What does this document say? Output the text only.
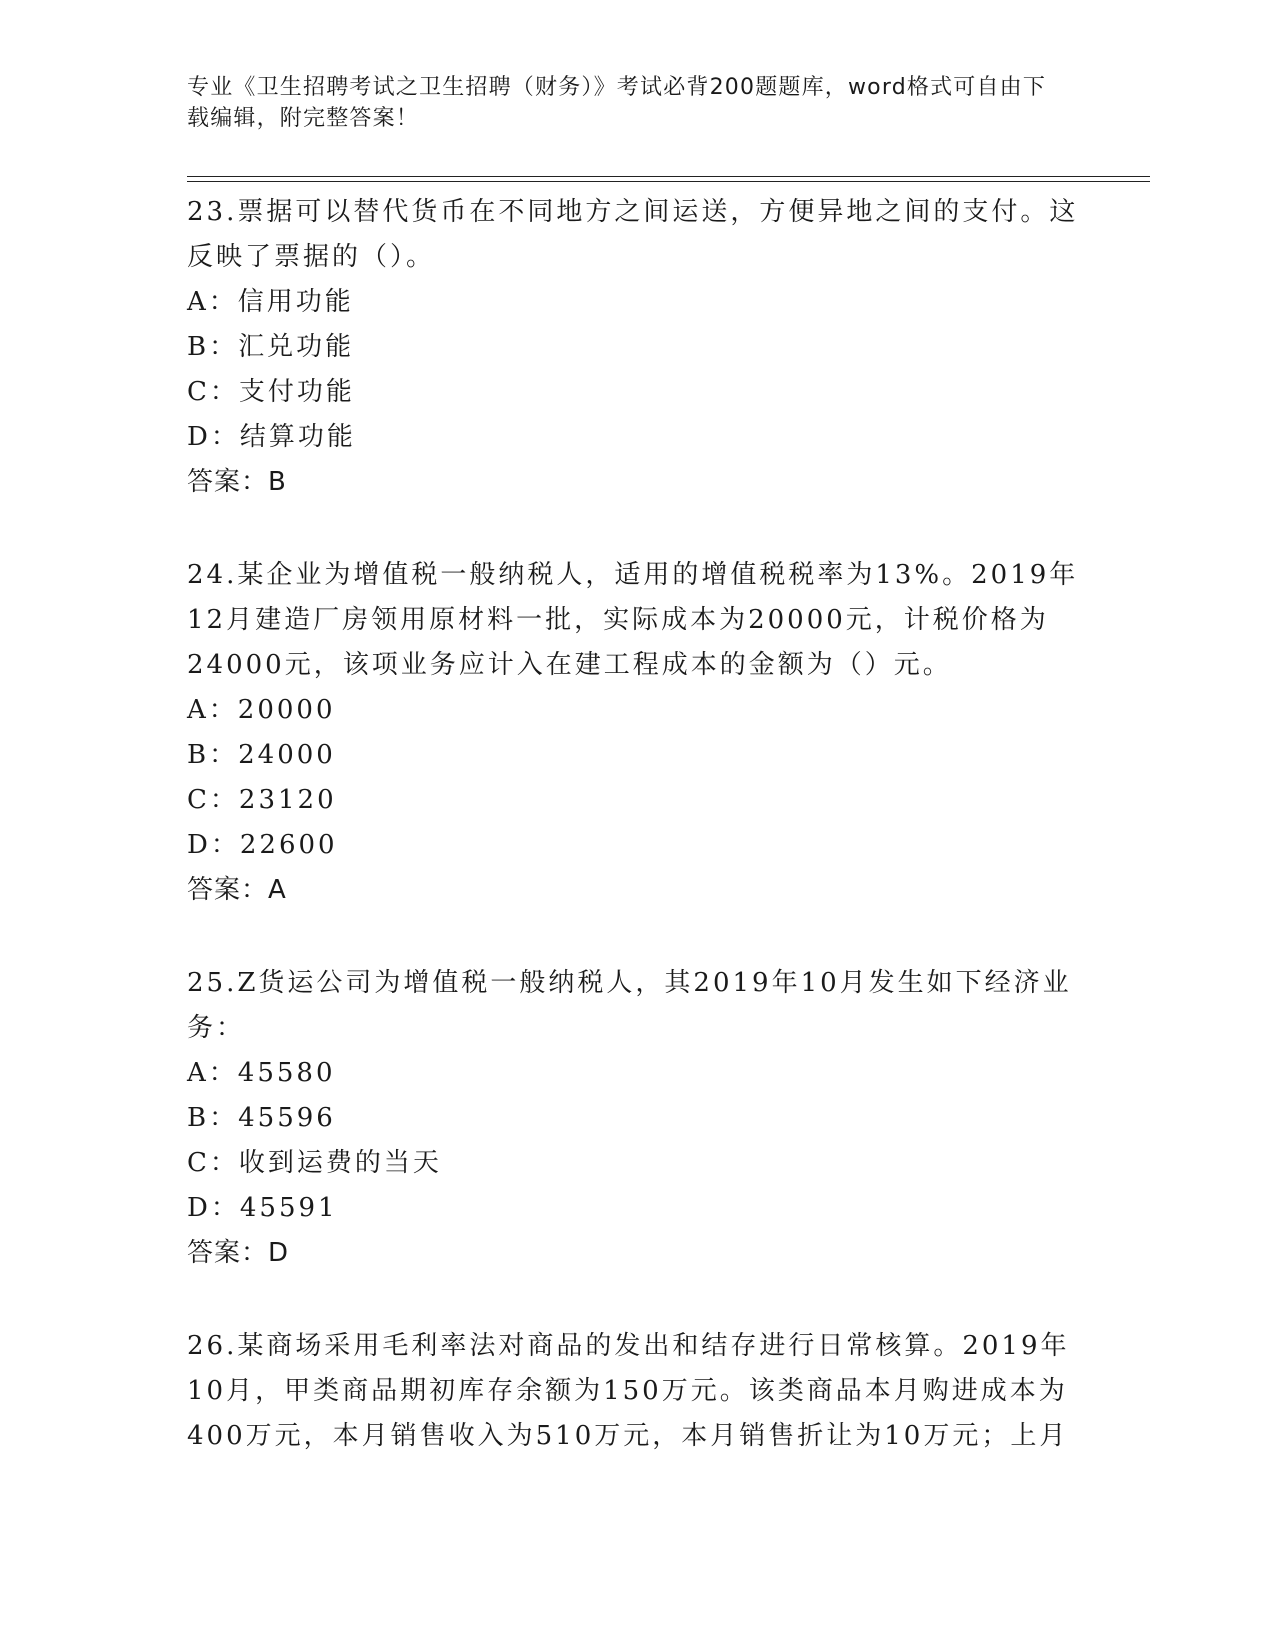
专业《卫生招聘考试之卫生招聘（财务）》考试必背200题题库，word格式可自由下载编辑，附完整答案！

23.票据可以替代货币在不同地方之间运送，方便异地之间的支付。这反映了票据的（）。

A：信用功能

B：汇兑功能

C：支付功能

D：结算功能

答案：B

24.某企业为增值税一般纳税人，适用的增值税税率为13%。2019年12月建造厂房领用原材料一批，实际成本为20000元，计税价格为24000元，该项业务应计入在建工程成本的金额为（）元。

A：20000

B：24000

C：23120

D：22600

答案：A

25.Z货运公司为增值税一般纳税人，其2019年10月发生如下经济业务：

A：45580

B：45596

C：收到运费的当天

D：45591

答案：D

26.某商场采用毛利率法对商品的发出和结存进行日常核算。2019年10月，甲类商品期初库存余额为150万元。该类商品本月购进成本为400万元，本月销售收入为510万元，本月销售折让为10万元；上月
